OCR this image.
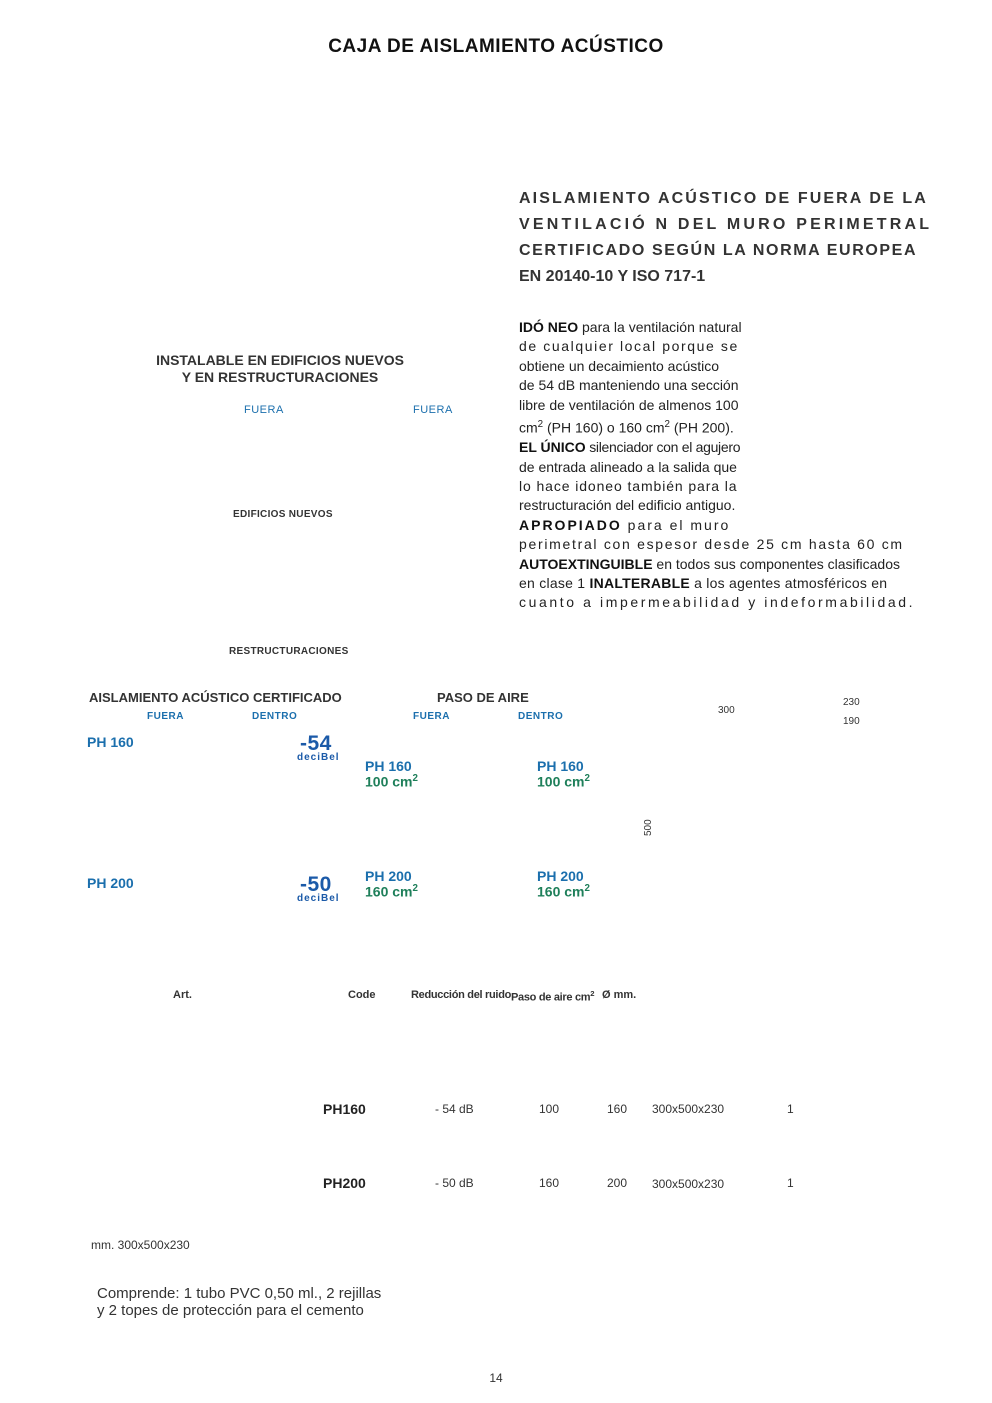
CAJA DE AISLAMIENTO ACÚSTICO
AISLAMIENTO ACÚSTICO DE FUERA DE LA
VENTILACIÓ N DEL MURO PERIMETRAL
CERTIFICADO SEGÚN LA NORMA EUROPEA
EN 20140-10 Y ISO 717-1
IDÓ NEO para la ventilación natural
de cualquier local porque se
obtiene un decaimiento acústico
de 54 dB manteniendo una sección
libre de ventilación de almenos 100
$cm^2$ (PH 160) o 160 $cm^2$ (PH 200).
EL ÚNICO silenciador con el agujero
de entrada alineado a la salida que
lo hace idoneo también para la
restructuración del edificio antiguo.
APROPIADO para el muro
perimetral con espesor desde 25 cm hasta 60 cm
AUTOEXTINGUIBLE en todos sus componentes clasificados
en clase 1 INALTERABLE a los agentes atmosféricos en
cuanto a impermeabilidad y indeformabilidad.
INSTALABLE EN EDIFICIOS NUEVOS
Y EN RESTRUCTURACIONES
FUERA	FUERA
EDIFICIOS NUEVOS
RESTRUCTURACIONES
AISLAMIENTO ACÚSTICO CERTIFICADO
FUERA	DENTRO
PH 160	-54
deciBel
PH 200	-50
deciBel
PASO DE AIRE
FUERA	DENTRO
PH 160
100 $cm^2$
PH 160
100 $cm^2$
PH 200
160 $cm^2$
PH 200
160 $cm^2$
300
230
190
500
Art.	Code	Reducción del ruido Paso de aire $cm^2$ Ø mm.
PH160	- 54 dB	100	160 300x500x230	1
PH200	- 50 dB	160	200 300x500x230	1
mm. 300x500x230
Comprende: 1 tubo PVC 0,50 ml., 2 rejillas
y 2 topes de protección para el cemento
14
